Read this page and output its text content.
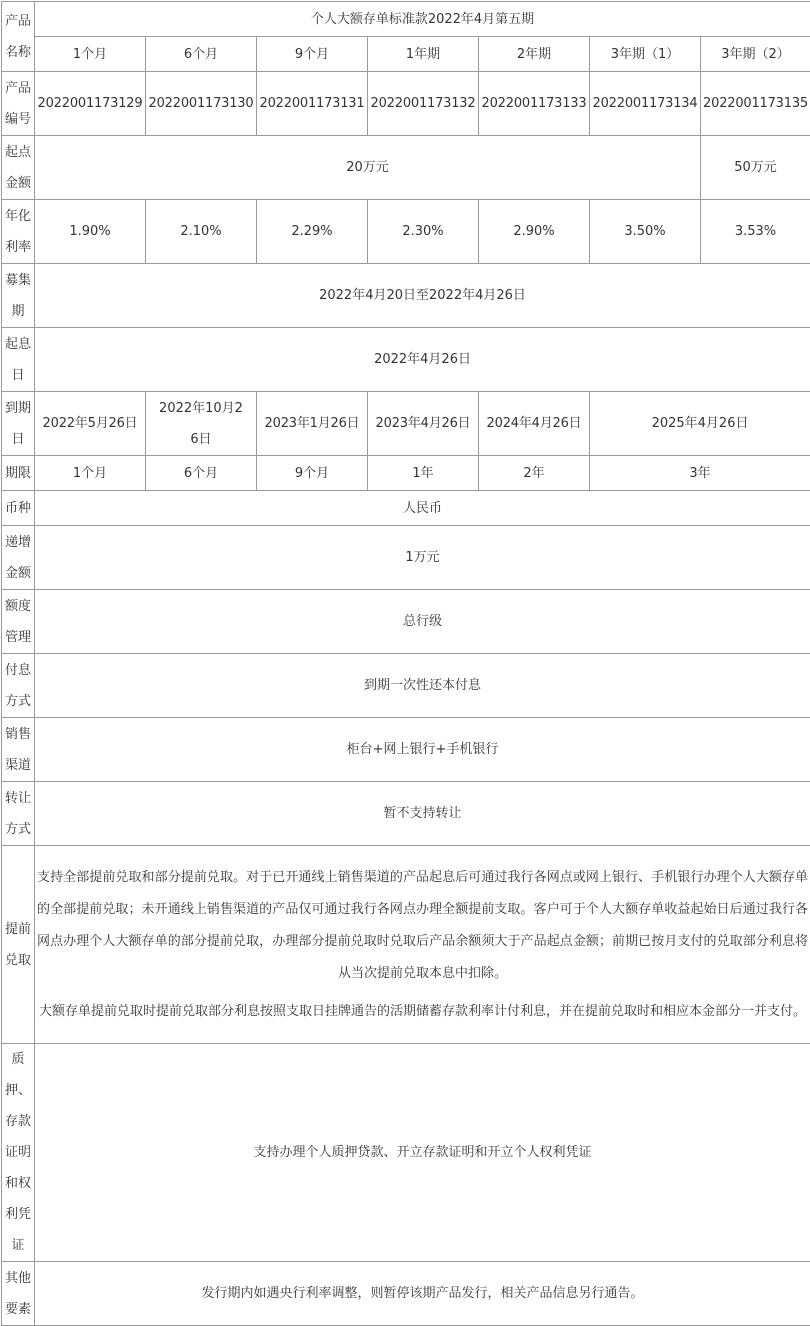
产品名称	个人大额存单标准款2022年4月第五期						
	1个月	6个月	9个月	1年期	2年期	3年期（1）	3年期（2）
产品编号	2022001173129	2022001173130	2022001173131	2022001173132	2022001173133	2022001173134	2022001173135
起点金额	20万元						50万元
年化利率	1.90%	2.10%	2.29%	2.30%	2.90%	3.50%	3.53%
募集期	2022年4月20日至2022年4月26日						
起息日	2022年4月26日						
到期日	2022年5月26日	2022年10月26日	2023年1月26日	2023年4月26日	2024年4月26日	2025年4月26日	
期限	1个月	6个月	9个月	1年	2年	3年	
币种	人民币						
递增金额	1万元						
额度管理	总行级						
付息方式	到期一次性还本付息						
销售渠道	柜台+网上银行+手机银行						
转让方式	暂不支持转让						
提前兑取	支持全部提前兑取和部分提前兑取。对于已开通线上销售渠道的产品起息后可通过我行各网点或网上银行、手机银行办理个人大额存单的全部提前兑取；未开通线上销售渠道的产品仅可通过我行各网点办理全额提前支取。客户可于个人大额存单收益起始日后通过我行各网点办理个人大额存单的部分提前兑取，办理部分提前兑取时兑取后产品余额须大于产品起点金额；前期已按月支付的兑取部分利息将从当次提前兑取本息中扣除。
大额存单提前兑取时提前兑取部分利息按照支取日挂牌通告的活期储蓄存款利率计付利息，并在提前兑取时和相应本金部分一并支付。						

质押、存款证明和权利凭证	支持办理个人质押贷款、开立存款证明和开立个人权利凭证						
其他要素	发行期内如遇央行利率调整，则暂停该期产品发行，相关产品信息另行通告。						
